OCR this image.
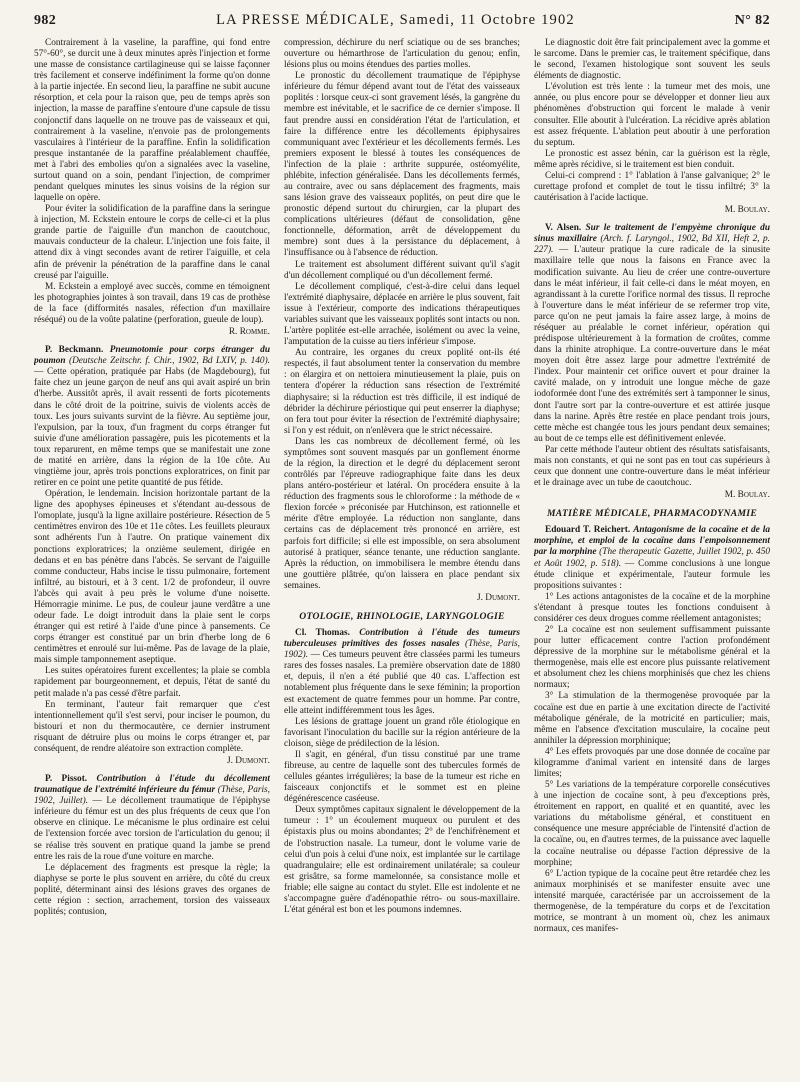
982	LA PRESSE MÉDICALE, Samedi, 11 Octobre 1902	N° 82

Contrairement à la vaseline, la paraffine, qui fond entre 57°-60°, se durcit une à deux minutes après l'injection et forme une masse de consistance cartilagineuse qui se laisse façonner très facilement et conserve indéfiniment la forme qu'on donne à la partie injectée. En second lieu, la paraffine ne subit aucune résorption, et cela pour la raison que, peu de temps après son injection, la masse de paraffine s'entoure d'une capsule de tissu conjonctif dans laquelle on ne trouve pas de vaisseaux et qui, contrairement à la vaseline, n'envoie pas de prolongements vasculaires à l'intérieur de la paraffine. Enfin la solidification presque instantanée de la paraffine préalablement chauffée, met à l'abri des embolies qu'on a signalées avec la vaseline, surtout quand on a soin, pendant l'injection, de comprimer pendant quelques minutes les sinus voisins de la région sur laquelle on opère.

Pour éviter la solidification de la paraffine dans la seringue à injection, M. Eckstein entoure le corps de celle-ci et la plus grande partie de l'aiguille d'un manchon de caoutchouc, mauvais conducteur de la chaleur. L'injection une fois faite, il attend dix à vingt secondes avant de retirer l'aiguille, et cela afin de prévenir la pénétration de la paraffine dans le canal creusé par l'aiguille.

M. Eckstein a employé avec succès, comme en témoignent les photographies jointes à son travail, dans 19 cas de prothèse de la face (difformités nasales, réfection d'un maxillaire réséqué) ou de la voûte palatine (perforation, gueule de loup).

R. Romme.

P. Beckmann. Pneumotomie pour corps étranger du poumon (Deutsche Zeitschr. f. Chir., 1902, Bd LXIV, p. 140). — Cette opération, pratiquée par Habs (de Magdebourg), fut faite chez un jeune garçon de neuf ans qui avait aspiré un brin d'herbe. Aussitôt après, il avait ressenti de forts picotements dans le côté droit de la poitrine, suivis de violents accès de toux. Les jours suivants survint de la fièvre. Au septième jour, l'expulsion, par la toux, d'un fragment du corps étranger fut suivie d'une amélioration passagère, puis les picotements et la toux reparurent, en même temps que se manifestait une zone de matité en arrière, dans la région de la 10e côte. Au vingtième jour, après trois ponctions exploratrices, on finit par retirer en ce point une petite quantité de pus fétide.

Opération, le lendemain. Incision horizontale partant de la ligne des apophyses épineuses et s'étendant au-dessous de l'omoplate, jusqu'à la ligne axillaire postérieure. Résection de 5 centimètres environ des 10e et 11e côtes. Les feuillets pleuraux sont adhérents l'un à l'autre. On pratique vainement dix ponctions exploratrices; la onzième seulement, dirigée en dedans et en bas pénètre dans l'abcès. Se servant de l'aiguille comme conducteur, Habs incise le tissu pulmonaire, fortement infiltré, au bistouri, et à 3 cent. 1/2 de profondeur, il ouvre l'abcès qui avait à peu près le volume d'une noisette. Hémorragie minime. Le pus, de couleur jaune verdâtre a une odeur fade. Le doigt introduit dans la plaie sent le corps étranger qui est retiré à l'aide d'une pince à pansements. Ce corps étranger est constitué par un brin d'herbe long de 6 centimètres et enroulé sur lui-même. Pas de lavage de la plaie, mais simple tamponnement aseptique.

Les suites opératoires furent excellentes; la plaie se combla rapidement par bourgeonnement, et depuis, l'état de santé du petit malade n'a pas cessé d'être parfait.

En terminant, l'auteur fait remarquer que c'est intentionnellement qu'il s'est servi, pour inciser le poumon, du bistouri et non du thermocautère, ce dernier instrument risquant de détruire plus ou moins le corps étranger et, par conséquent, de rendre aléatoire son extraction complète.

J. Dumont.

P. Pissot. Contribution à l'étude du décollement traumatique de l'extrémité inférieure du fémur (Thèse, Paris, 1902, Juillet). — Le décollement traumatique de l'épiphyse inférieure du fémur est un des plus fréquents de ceux que l'on observe en clinique. Le mécanisme le plus ordinaire est celui de l'extension forcée avec torsion de l'articulation du genou; il se réalise très souvent en pratique quand la jambe se prend entre les rais de la roue d'une voiture en marche.

Le déplacement des fragments est presque la règle; la diaphyse se porte le plus souvent en arrière, du côté du creux poplité, déterminant ainsi des lésions graves des organes de cette région : section, arrachement, torsion des vaisseaux poplités; contusion,

compression, déchirure du nerf sciatique ou de ses branches; ouverture ou hémarthrose de l'articulation du genou; enfin, lésions plus ou moins étendues des parties molles.

Le pronostic du décollement traumatique de l'épiphyse inférieure du fémur dépend avant tout de l'état des vaisseaux poplités : lorsque ceux-ci sont gravement lésés, la gangrène du membre est inévitable, et le sacrifice de ce dernier s'impose. Il faut prendre aussi en considération l'état de l'articulation, et faire la différence entre les décollements épiphysaires communiquant avec l'extérieur et les décollements fermés. Les premiers exposent le blessé à toutes les conséquences de l'infection de la plaie : arthrite suppurée, ostéomyélite, phlébite, infection généralisée. Dans les décollements fermés, au contraire, avec ou sans déplacement des fragments, mais sans lésion grave des vaisseaux poplités, on peut dire que le pronostic dépend surtout du chirurgien, car la plupart des complications ultérieures (défaut de consolidation, gêne fonctionnelle, déformation, arrêt de développement du membre) sont dues à la persistance du déplacement, à l'insuffisance ou à l'absence de réduction.

Le traitement est absolument différent suivant qu'il s'agit d'un décollement compliqué ou d'un décollement fermé.

Le décollement compliqué, c'est-à-dire celui dans lequel l'extrémité diaphysaire, déplacée en arrière le plus souvent, fait issue à l'extérieur, comporte des indications thérapeutiques variables suivant que les vaisseaux poplités sont intacts ou non. L'artère poplitée est-elle arrachée, isolément ou avec la veine, l'amputation de la cuisse au tiers inférieur s'impose.

Au contraire, les organes du creux poplité ont-ils été respectés, il faut absolument tenter la conservation du membre : on élargira et on nettoiera minutieusement la plaie, puis on tentera d'opérer la réduction sans résection de l'extrémité diaphysaire; si la réduction est très difficile, il est indiqué de débrider la déchirure périostique qui peut enserrer la diaphyse; on fera tout pour éviter la résection de l'extrémité diaphysaire; si l'on y est réduit, on n'enlèvera que le strict nécessaire.

Dans les cas nombreux de décollement fermé, où les symptômes sont souvent masqués par un gonflement énorme de la région, la direction et le degré du déplacement seront contrôlés par l'épreuve radiographique faite dans les deux plans antéro-postérieur et latéral. On procédera ensuite à la réduction des fragments sous le chloroforme : la méthode de « flexion forcée » préconisée par Hutchinson, est rationnelle et mérite d'être employée. La réduction non sanglante, dans certains cas de déplacement très prononcé en arrière, est parfois fort difficile; si elle est impossible, on sera absolument autorisé à pratiquer, séance tenante, une réduction sanglante. Après la réduction, on immobilisera le membre étendu dans une gouttière plâtrée, qu'on laissera en place pendant six semaines.

J. Dumont.
OTOLOGIE, RHINOLOGIE, LARYNGOLOGIE

Cl. Thomas. Contribution à l'étude des tumeurs tuberculeuses primitives des fosses nasales (Thèse, Paris, 1902). — Ces tumeurs peuvent être classées parmi les tumeurs rares des fosses nasales. La première observation date de 1880 et, depuis, il n'en a été publié que 40 cas. L'affection est notablement plus fréquente dans le sexe féminin; la proportion est exactement de quatre femmes pour un homme. Par contre, elle atteint indifféremment tous les âges.

Les lésions de grattage jouent un grand rôle étiologique en favorisant l'inoculation du bacille sur la région antérieure de la cloison, siège de prédilection de la lésion.

Il s'agit, en général, d'un tissu constitué par une trame fibreuse, au centre de laquelle sont des tubercules formés de cellules géantes irrégulières; la base de la tumeur est riche en faisceaux conjonctifs et le sommet est en pleine dégénérescence caséeuse.

Deux symptômes capitaux signalent le développement de la tumeur : 1° un écoulement muqueux ou purulent et des épistaxis plus ou moins abondantes; 2° de l'enchifrènement et de l'obstruction nasale. La tumeur, dont le volume varie de celui d'un pois à celui d'une noix, est implantée sur le cartilage quadrangulaire; elle est ordinairement unilatérale; sa couleur est grisâtre, sa forme mamelonnée, sa consistance molle et friable; elle saigne au contact du stylet. Elle est indolente et ne s'accompagne guère d'adénopathie rétro- ou sous-maxillaire. L'état général est bon et les poumons indemnes.

Le diagnostic doit être fait principalement avec la gomme et le sarcome. Dans le premier cas, le traitement spécifique, dans le second, l'examen histologique sont souvent les seuls éléments de diagnostic.

L'évolution est très lente : la tumeur met des mois, une année, ou plus encore pour se développer et donner lieu aux phénomènes d'obstruction qui forcent le malade à venir consulter. Elle aboutit à l'ulcération. La récidive après ablation est assez fréquente. L'ablation peut aboutir à une perforation du septum.

Le pronostic est assez bénin, car la guérison est la règle, même après récidive, si le traitement est bien conduit.

Celui-ci comprend : 1° l'ablation à l'anse galvanique; 2° le curettage profond et complet de tout le tissu infiltré; 3° la cautérisation à l'acide lactique.

M. Boulay.

V. Alsen. Sur le traitement de l'empyème chronique du sinus maxillaire (Arch. f. Laryngol., 1902, Bd XII, Heft 2, p. 227). — L'auteur pratique la cure radicale de la sinusite maxillaire telle que nous la faisons en France avec la modification suivante. Au lieu de créer une contre-ouverture dans le méat inférieur, il fait celle-ci dans le méat moyen, en agrandissant à la curette l'orifice normal des tissus. Il reproche à l'ouverture dans le méat inférieur de se refermer trop vite, parce qu'on ne peut jamais la faire assez large, à moins de réséquer au préalable le cornet inférieur, opération qui prédispose ultérieurement à la formation de croûtes, comme dans la rhinite atrophique. La contre-ouverture dans le méat moyen doit être assez large pour admettre l'extrémité de l'index. Pour maintenir cet orifice ouvert et pour drainer la cavité malade, on y introduit une longue mèche de gaze iodoformée dont l'une des extrémités sert à tamponner le sinus, dont l'autre sort par la contre-ouverture et est attirée jusque dans la narine. Après être restée en place pendant trois jours, cette mèche est changée tous les jours pendant deux semaines; au bout de ce temps elle est définitivement enlevée.

Par cette méthode l'auteur obtient des résultats satisfaisants, mais non constants, et qui ne sont pas en tout cas supérieurs à ceux que donnent une contre-ouverture dans le méat inférieur et le drainage avec un tube de caoutchouc.

M. Boulay.
MATIÈRE MÉDICALE, PHARMACODYNAMIE

Edouard T. Reichert. Antagonisme de la cocaïne et de la morphine, et emploi de la cocaïne dans l'empoisonnement par la morphine (The therapeutic Gazette, Juillet 1902, p. 450 et Août 1902, p. 518). — Comme conclusions à une longue étude clinique et expérimentale, l'auteur formule les propositions suivantes :

1° Les actions antagonistes de la cocaïne et de la morphine s'étendant à presque toutes les fonctions conduisent à considérer ces deux drogues comme réellement antagonistes;

2° La cocaïne est non seulement suffisamment puissante pour lutter efficacement contre l'action profondément dépressive de la morphine sur le métabolisme général et la thermogenèse, mais elle est encore plus puissante relativement et absolument chez les chiens morphinisés que chez les chiens normaux;

3° La stimulation de la thermogenèse provoquée par la cocaïne est due en partie à une excitation directe de l'activité métabolique générale, de la motricité en particulier; mais, même en l'absence d'excitation musculaire, la cocaïne peut annihiler la dépression morphinique;

4° Les effets provoqués par une dose donnée de cocaïne par kilogramme d'animal varient en intensité dans de larges limites;

5° Les variations de la température corporelle consécutives à une injection de cocaïne sont, à peu d'exceptions près, étroitement en rapport, en qualité et en quantité, avec les variations du métabolisme général, et constituent en conséquence une mesure appréciable de l'intensité d'action de la cocaïne, ou, en d'autres termes, de la puissance avec laquelle la cocaïne neutralise ou dépasse l'action dépressive de la morphine;

6° L'action typique de la cocaïne peut être retardée chez les animaux morphinisés et se manifester ensuite avec une intensité marquée, caractérisée par un accroissement de la thermogenèse, de la température du corps et de l'excitation motrice, se montrant à un moment où, chez les animaux normaux, ces manifes-
